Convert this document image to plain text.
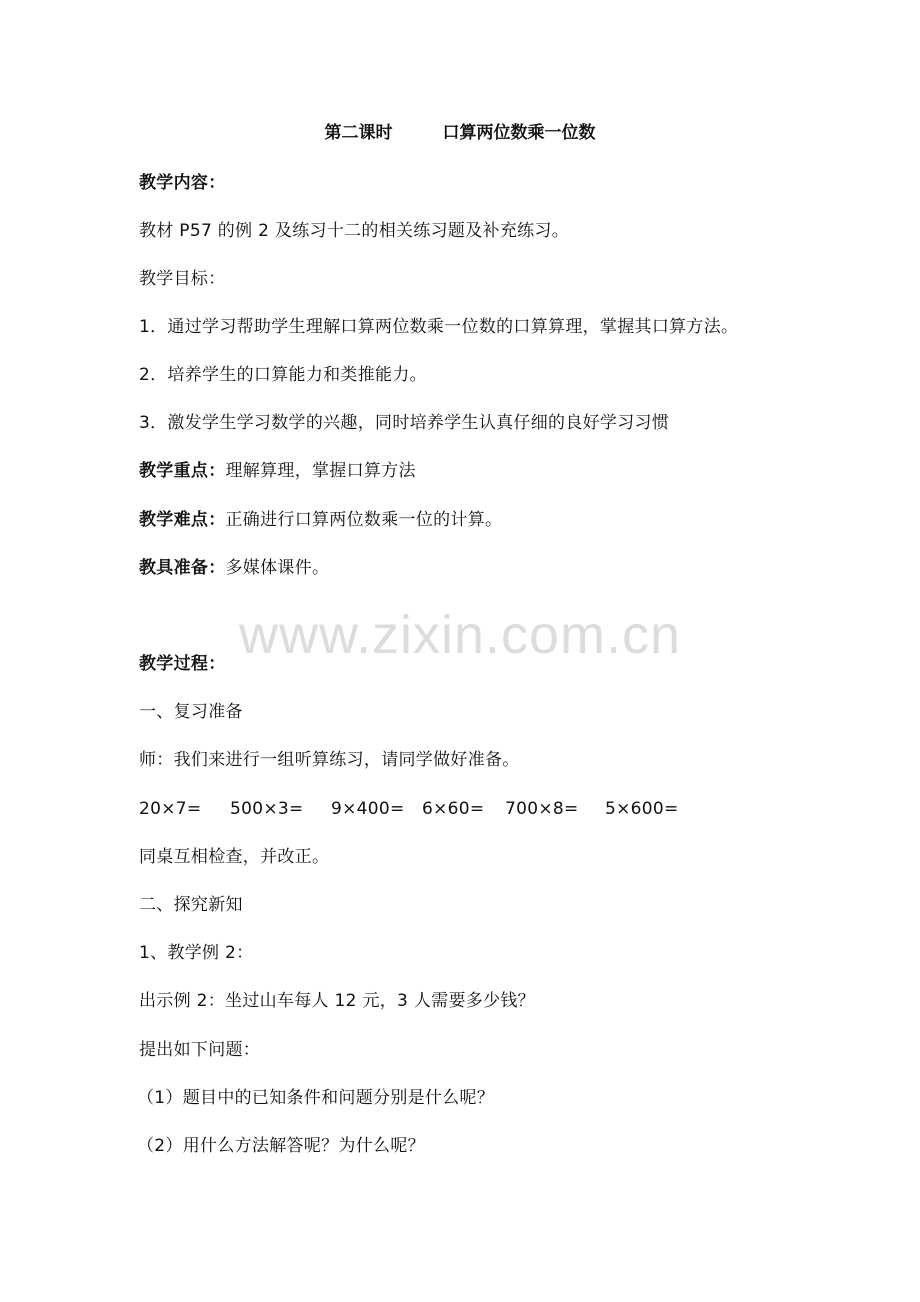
第二课时	口算两位数乘一位数
教学内容：
教材 P57 的例 2 及练习十二的相关练习题及补充练习。
教学目标：
1．通过学习帮助学生理解口算两位数乘一位数的口算算理，掌握其口算方法。
2．培养学生的口算能力和类推能力。
3．激发学生学习数学的兴趣，同时培养学生认真仔细的良好学习习惯
教学重点：理解算理，掌握口算方法
教学难点：正确进行口算两位数乘一位的计算。
教具准备：多媒体课件。
www.zixin.com.cn
教学过程：
一、复习准备
师：我们来进行一组听算练习，请同学做好准备。
20×7= 500×3= 9×400= 6×60= 700×8= 5×600=
同桌互相检查，并改正。
二、探究新知
1、教学例 2：
出示例 2：坐过山车每人 12 元，3 人需要多少钱？
提出如下问题：
（1）题目中的已知条件和问题分别是什么呢？
（2）用什么方法解答呢？为什么呢？
